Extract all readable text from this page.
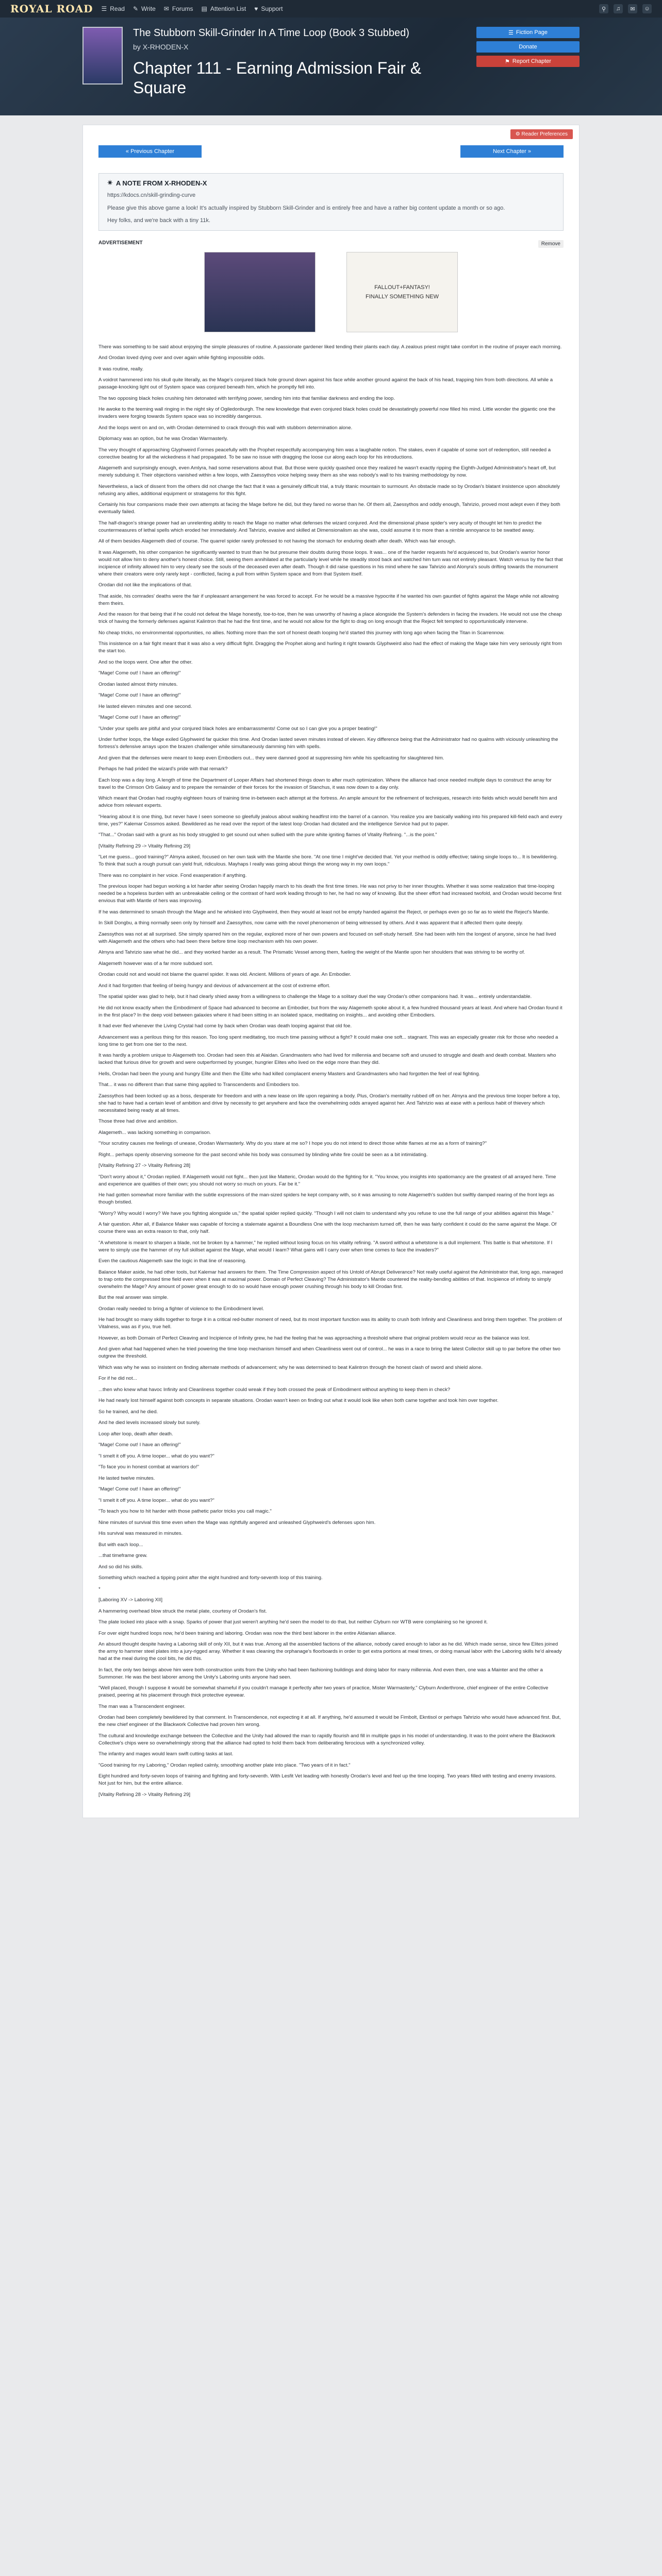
ROYAL ROAD ☰ Read ✎ Write ✉ Forums ▤ Attention List ♥ Support	⚲	♫	✉	☺
The Stubborn Skill-Grinder In A Time Loop (Book 3 Stubbed)
by X-RHODEN-X
Chapter 111 - Earning Admission Fair & Square
☰ Fiction Page
Donate
⚑ Report Chapter
⚙ Reader Preferences
« Previous Chapter	Next Chapter »
✴ A NOTE FROM X-RHODEN-X

https://kdocs.cn/skill-grinding-curve

Please give this above game a look! It's actually inspired by Stubborn Skill-Grinder and is entirely free and have a rather big content update a month or so ago.

Hey folks, and we're back with a tiny 11k.

ADVERTISEMENT	Remove
FALLOUT+FANTASY!
FINALLY SOMETHING NEW

There was something to be said about enjoying the simple pleasures of routine. A passionate gardener liked tending their plants each day. A zealous priest might take comfort in the routine of prayer each morning.

And Orodan loved dying over and over again while fighting impossible odds.

It was routine, really.

A voidrot hammered into his skull quite literally, as the Mage's conjured black hole ground down against his face while another ground against the back of his head, trapping him from both directions. All while a passage-knocking light out of System space was conjured beneath him, which he promptly fell into.

The two opposing black holes crushing him detonated with terrifying power, sending him into that familiar darkness and ending the loop.

He awoke to the teeming wall ringing in the night sky of Ogiledonburgh. The new knowledge that even conjured black holes could be devastatingly powerful now filled his mind. Little wonder the gigantic one the invaders were forging towards System space was so incredibly dangerous.

And the loops went on and on, with Orodan determined to crack through this wall with stubborn determination alone.

Diplomacy was an option, but he was Orodan Warmasterly.

The very thought of approaching Glyphweird Formes peacefully with the Prophet respectfully accompanying him was a laughable notion. The stakes, even if capable of some sort of redemption, still needed a corrective beating for all the wickedness it had propagated. To be saw no issue with dragging the loose cur along each loop for his introductions.

Alagemeth and surprisingly enough, even Amlyra, had some reservations about that. But those were quickly quashed once they realized he wasn't exactly ripping the Eighth-Judged Administrator's heart off, but merely subduing it. Their objections vanished within a few loops, with Zaessythos voice helping sway them as she was nobody's wall to his training methodology by now.

Nevertheless, a lack of dissent from the others did not change the fact that it was a genuinely difficult trial, a truly titanic mountain to surmount. An obstacle made so by Orodan's blatant insistence upon absolutely refusing any allies, additional equipment or stratagems for this fight.

Certainly his four companions made their own attempts at facing the Mage before he did, but they fared no worse than he. Of them all, Zaessythos and oddly enough, Tahrizio, proved most adept even if they both eventually failed.

The half-dragon's strange power had an unrelenting ability to reach the Mage no matter what defenses the wizard conjured. And the dimensional phase spider's very acuity of thought let him to predict the countermeasures of lethal spells which eroded her immediately. And Tahrizio, evasive and skilled at Dimensionalism as she was, could assume it to more than a nimble annoyance to be swatted away.

All of them besides Alagemeth died of course. The quarrel spider rarely professed to not having the stomach for enduring death after death. Which was fair enough.

It was Alagemeth, his other companion he significantly wanted to trust than he but presume their doubts during those loops. It was... one of the harder requests he'd acquiesced to, but Orodan's warrior honor would not allow him to deny another's honest choice. Still, seeing them annihilated at the particularly level while he steadily stood back and watched him turn was not entirely pleasant. Watch versus by the fact that incipience of infinity allowed him to very clearly see the souls of the deceased even after death. Though it did raise questions in his mind where he saw Tahrizio and Alonyra's souls drifting towards the monument where their creators were only rarely kept - conflicted, facing a pull from within System space and from that System itself.

Orodan did not like the implications of that.

That aside, his comrades' deaths were the fair if unpleasant arrangement he was forced to accept. For he would be a massive hypocrite if he wanted his own gauntlet of fights against the Mage while not allowing them theirs.

And the reason for that being that if he could not defeat the Mage honestly, toe-to-toe, then he was unworthy of having a place alongside the System's defenders in facing the invaders. He would not use the cheap trick of having the formerly defenses against Kalintron that he had the first time, and he would not allow for the fight to drag on long enough that the Reject felt tempted to opportunistically intervene.

No cheap tricks, no environmental opportunities, no allies. Nothing more than the sort of honest death looping he'd started this journey with long ago when facing the Titan in Scarrennow.

This insistence on a fair fight meant that it was also a very difficult fight. Dragging the Prophet along and hurling it right towards Glyphweird also had the effect of making the Mage take him very seriously right from the start too.

And so the loops went. One after the other.

"Mage! Come out! I have an offering!"

Orodan lasted almost thirty minutes.

"Mage! Come out! I have an offering!"

He lasted eleven minutes and one second.

"Mage! Come out! I have an offering!"

"Under your spells are pitiful and your conjured black holes are embarrassments! Come out so I can give you a proper beating!"

Under further loops, the Mage exiled Glyphweird far quicker this time. And Orodan lasted seven minutes instead of eleven. Key difference being that the Administrator had no qualms with viciously unleashing the fortress's defensive arrays upon the brazen challenger while simultaneously damming him with spells.

And given that the defenses were meant to keep even Embodiers out... they were damned good at suppressing him while his spellcasting for slaughtered him.

Perhaps he had prided the wizard's pride with that remark?

Each loop was a day long. A length of time the Department of Looper Affairs had shortened things down to after much optimization. Where the alliance had once needed multiple days to construct the array for travel to the Crimson Orb Galaxy and to prepare the remainder of their forces for the invasion of Stanchus, it was now down to a day only.

Which meant that Orodan had roughly eighteen hours of training time in-between each attempt at the fortress. An ample amount for the refinement of techniques, research into fields which would benefit him and advice from relevant experts.

"Hearing about it is one thing, but never have I seen someone so gleefully jealous about walking headfirst into the barrel of a cannon. You realize you are basically walking into his prepared kill-field each and every time, yes?" Kalemar Cossmos asked. Bewildered as he read over the report of the latest loop Orodan had dictated and the intelligence Service had put to paper.

"That..." Orodan said with a grunt as his body struggled to get sound out when sullied with the pure white igniting flames of Vitality Refining. "...is the point."

[Vitality Refining 29 -> Vitality Refining 29]

"Let me guess... good training?" Almyra asked, focused on her own task with the Mantle she bore. "At one time I might've decided that. Yet your method is oddly effective; taking single loops to... It is bewildering. To think that such a rough pursuit can yield fruit, ridiculous. Mayhaps I really was going about things the wrong way in my own loops."

There was no complaint in her voice. Fond exasperation if anything.

The previous looper had begun working a lot harder after seeing Orodan happily march to his death the first time times. He was not privy to her inner thoughts. Whether it was some realization that time-looping needed be a hopeless burden with an unbreakable ceiling or the contrast of hard work leading through to her, he had no way of knowing. But the sheer effort had increased twofold, and Orodan would become first envious that with Mantle of hers was improving.

If he was determined to smash through the Mage and he whisked into Glyphweird, then they would at least not be empty handed against the Reject, or perhaps even go so far as to wield the Reject's Mantle.

In Skill Dongbu, a thing normally seen only by himself and Zaessythos, now came with the novel phenomenon of being witnessed by others. And it was apparent that it affected them quite deeply.

Zaessythos was not at all surprised. She simply sparred him on the regular, explored more of her own powers and focused on self-study herself. She had been with him the longest of anyone, since he had lived with Alagemeth and the others who had been there before time loop mechanism with his own power.

Almyra and Tahrizio saw what he did... and they worked harder as a result. The Prismatic Vessel among them, fueling the weight of the Mantle upon her shoulders that was striving to be worthy of.

Alagemeth however was of a far more subdued sort.

Orodan could not and would not blame the quarrel spider. It was old. Ancient. Millions of years of age. An Embodier.

And it had forgotten that feeling of being hungry and devious of advancement at the cost of extreme effort.

The spatial spider was glad to help, but it had clearly shied away from a willingness to challenge the Mage to a solitary duel the way Orodan's other companions had. It was... entirely understandable.

He did not know exactly when the Embodiment of Space had advanced to become an Embodier, but from the way Alagemeth spoke about it, a few hundred thousand years at least. And where had Orodan found it in the first place? In the deep void between galaxies where it had been sitting in an isolated space, meditating on insights... and avoiding other Embodiers.

It had ever fled whenever the Living Crystal had come by back when Orodan was death looping against that old foe.

Advancement was a perilous thing for this reason. Too long spent meditating, too much time passing without a fight? It could make one soft... stagnant. This was an especially greater risk for those who needed a long time to get from one tier to the next.

It was hardly a problem unique to Alagemeth too. Orodan had seen this at Alaidan. Grandmasters who had lived for millennia and became soft and unused to struggle and death and death combat. Masters who lacked that furious drive for growth and were outperformed by younger, hungrier Elites who lived on the edge more than they did.

Hells, Orodan had been the young and hungry Elite and then the Elite who had killed complacent enemy Masters and Grandmasters who had forgotten the feel of real fighting.

That... it was no different than that same thing applied to Transcendents and Embodiers too.

Zaessythos had been locked up as a boss, desperate for freedom and with a new lease on life upon regaining a body. Plus, Orodan's mentality rubbed off on her. Almyra and the previous time looper before a top, she had to have had a certain level of ambition and drive by necessity to get anywhere and face the overwhelming odds arrayed against her. And Tahrizio was at ease with a perilous habit of thievery which necessitated being ready at all times.

Those three had drive and ambition.

Alagemeth... was lacking something in comparison.

"Your scrutiny causes me feelings of unease, Orodan Warmasterly. Why do you stare at me so? I hope you do not intend to direct those white flames at me as a form of training?"

Right... perhaps openly observing someone for the past second while his body was consumed by blinding white fire could be seen as a bit intimidating.

[Vitality Refining 27 -> Vitality Refining 28]

"Don't worry about it," Orodan replied. If Alagemeth would not fight... then just like Matteric, Orodan would do the fighting for it. "You know, you insights into spatiomancy are the greatest of all arrayed here. Time and experience are qualities of their own; you should not worry so much on yours. Far be it."

He had gotten somewhat more familiar with the subtle expressions of the man-sized spiders he kept company with, so it was amusing to note Alagemeth's sudden but swiftly damped rearing of the front legs as though bristled.

"Worry? Why would I worry? We have you fighting alongside us," the spatial spider replied quickly. "Though I will not claim to understand why you refuse to use the full range of your abilities against this Mage."

A fair question. After all, if Balance Maker was capable of forcing a stalemate against a Boundless One with the loop mechanism turned off, then he was fairly confident it could do the same against the Mage. Of course there was an extra reason to that, only half.

"A whetstone is meant to sharpen a blade, not be broken by a hammer," he replied without losing focus on his vitality refining. "A sword without a whetstone is a dull implement. This battle is that whetstone. If I were to simply use the hammer of my full skillset against the Mage, what would I learn? What gains will I carry over when time comes to face the invaders?"

Even the cautious Alagemeth saw the logic in that line of reasoning.

Balance Maker aside, he had other tools, but Kalemar had answers for them. The Time Compression aspect of his Untold of Abrupt Deliverance? Not really useful against the Administrator that, long ago, managed to trap onto the compressed time field even when it was at maximal power. Domain of Perfect Cleaving? The Administrator's Mantle countered the reality-bending abilities of that. Incipience of infinity to simply overwhelm the Mage? Any amount of power great enough to do so would have enough power crushing through his body to kill Orodan first.

But the real answer was simple.

Orodan really needed to bring a fighter of violence to the Embodiment level.

He had brought so many skills together to forge it in a critical red-butter moment of need, but its most important function was its ability to crush both Infinity and Cleanliness and bring them together. The problem of Vitalness, was as if you, true hell.

However, as both Domain of Perfect Cleaving and Incipience of Infinity grew, he had the feeling that he was approaching a threshold where that original problem would recur as the balance was lost.

And given what had happened when he tried powering the time loop mechanism himself and when Cleanliness went out of control... he was in a race to bring the latest Collector skill up to par before the other two outgrew the threshold.

Which was why he was so insistent on finding alternate methods of advancement; why he was determined to beat Kalintron through the honest clash of sword and shield alone.

For if he did not...

...then who knew what havoc Infinity and Cleanliness together could wreak if they both crossed the peak of Embodiment without anything to keep them in check?

He had nearly lost himself against both concepts in separate situations. Orodan wasn't keen on finding out what it would look like when both came together and took him over together.

So he trained, and he died.

And he died levels increased slowly but surely.

Loop after loop, death after death.

"Mage! Come out! I have an offering!"

"I smelt it off you. A time looper... what do you want?"

"To face you in honest combat at warriors do!"

He lasted twelve minutes.

"Mage! Come out! I have an offering!"

"I smelt it off you. A time looper... what do you want?"

"To teach you how to hit harder with those pathetic parlor tricks you call magic."

Nine minutes of survival this time even when the Mage was rightfully angered and unleashed Glyphweird's defenses upon him.

His survival was measured in minutes.

But with each loop...

...that timeframe grew.

And so did his skills.

Something which reached a tipping point after the eight hundred and forty-seventh loop of this training.

*

[Laboring XV -> Laboring XII]

A hammering overhead blow struck the metal plate, courtesy of Orodan's fist.

The plate locked into place with a snap. Sparks of power that just weren't anything he'd seen the model to do that, but neither Clyburn nor WTB were complaining so he ignored it.

For over eight hundred loops now, he'd been training and laboring. Orodan was now the third best laborer in the entire Aldanian alliance.

An absurd thought despite having a Laboring skill of only XII, but it was true. Among all the assembled factions of the alliance, nobody cared enough to labor as he did. Which made sense, since few Elites joined the army to hammer steel plates into a jury-rigged array. Whether it was cleaning the orphanage's floorboards in order to get extra portions at meal times, or doing manual labor with the Laboring skills he'd already had at the meal during the cool bits, he did this.

In fact, the only two beings above him were both construction units from the Unity who had been fashioning buildings and doing labor for many millennia. And even then, one was a Mainter and the other a Summoner. He was the best laborer among the Unity's Laboring units anyone had seen.

"Well placed, though I suppose it would be somewhat shameful if you couldn't manage it perfectly after two years of practice, Mister Warmasterly," Clyburn Anderthrone, chief engineer of the entire Collective praised, peering at his placement through thick protective eyewear.

The man was a Transcendent engineer.

Orodan had been completely bewildered by that comment. In Transcendence, not expecting it at all. If anything, he'd assumed it would be Fimbolt, Ekntisol or perhaps Tahrizio who would have advanced first. But, the new chief engineer of the Blackwork Collective had proven him wrong.

The cultural and knowledge exchange between the Collective and the Unity had allowed the man to rapidly flourish and fill in multiple gaps in his model of understanding. It was to the point where the Blackwork Collective's chips were so overwhelmingly strong that the alliance had opted to hold them back from deliberating ferocious with a synchronized volley.

The infantry and mages would learn swift cutting tasks at last.

"Good training for my Laboring," Orodan replied calmly, smoothing another plate into place. "Two years of it in fact."

Eight hundred and forty-seven loops of training and fighting and forty-seventh. With Lesfit Vet leading with honestly Orodan's level and feel up the time looping. Two years filled with testing and enemy invasions. Not just for him, but the entire alliance.

[Vitality Refining 28 -> Vitality Refining 29]
